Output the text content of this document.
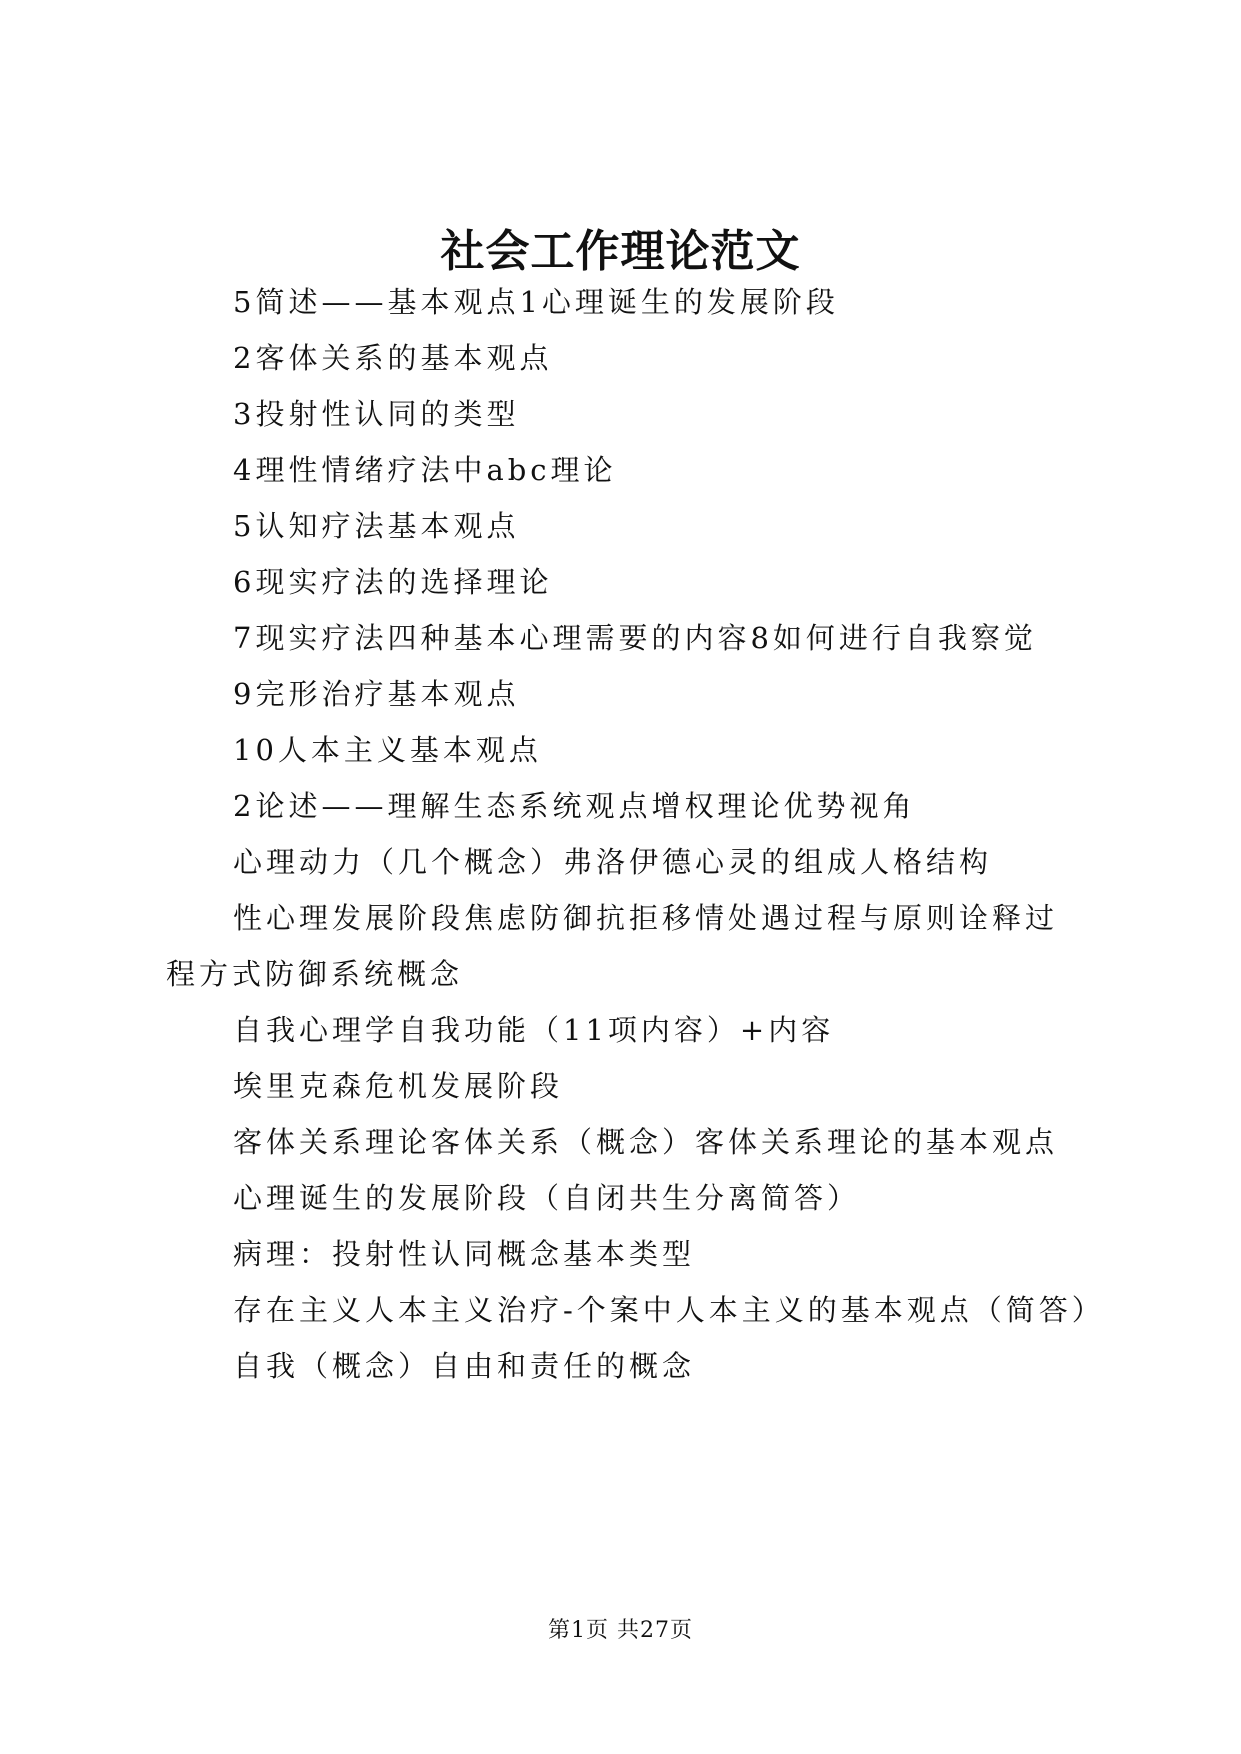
社会工作理论范文

5简述——基本观点1心理诞生的发展阶段

2客体关系的基本观点

3投射性认同的类型

4理性情绪疗法中abc理论

5认知疗法基本观点

6现实疗法的选择理论

7现实疗法四种基本心理需要的内容8如何进行自我察觉

9完形治疗基本观点

10人本主义基本观点

2论述——理解生态系统观点增权理论优势视角

心理动力（几个概念）弗洛伊德心灵的组成人格结构

性心理发展阶段焦虑防御抗拒移情处遇过程与原则诠释过

程方式防御系统概念

自我心理学自我功能（11项内容）+内容

埃里克森危机发展阶段

客体关系理论客体关系（概念）客体关系理论的基本观点

心理诞生的发展阶段（自闭共生分离简答）

病理：投射性认同概念基本类型

存在主义人本主义治疗-个案中人本主义的基本观点（简答）

自我（概念）自由和责任的概念

第1页 共27页
